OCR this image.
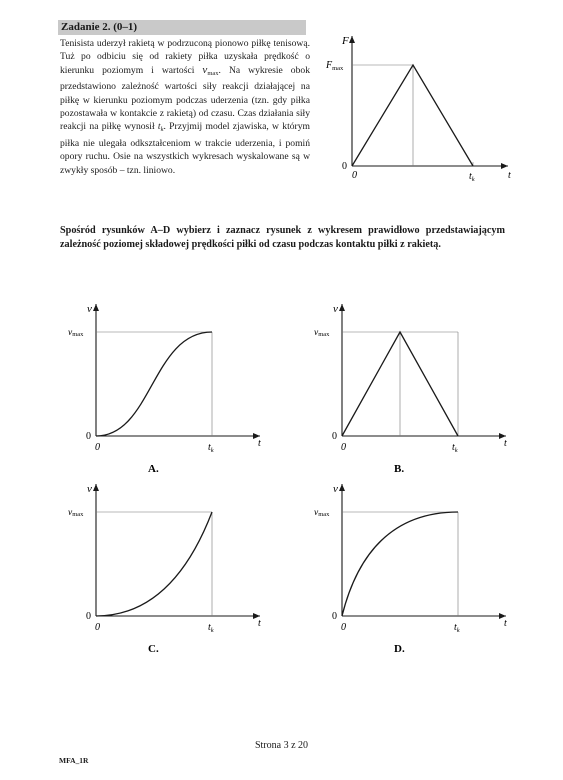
Zadanie 2. (0–1)

Tenisista uderzył rakietą w podrzuconą pionowo piłkę tenisową. Tuż po odbiciu się od rakiety piłka uzyskała prędkość o kierunku poziomym i wartości $v_{max}$. Na wykresie obok przedstawiono zależność wartości siły reakcji działającej na piłkę w kierunku poziomym podczas uderzenia (tzn. gdy piłka pozostawała w kontakcie z rakietą) od czasu. Czas działania siły reakcji na piłkę wynosił $t_k$. Przyjmij model zjawiska, w którym piłka nie ulegała odkształceniom w trakcie uderzenia, i pomiń opory ruchu. Osie na wszystkich wykresach wyskalowane są w zwykły sposób – tzn. liniowo.

F
$F_{max}$
0
0	$t_k$	t
Spośród rysunków A–D wybierz i zaznacz rysunek z wykresem prawidłowo przedstawiającym zależność poziomej składowej prędkości piłki od czasu podczas kontaktu piłki z rakietą.
v
vmax
0
0	$t_k$
t
A.
v
vmax
0
0	$t_k$
t
B.
v
vmax
0
0	$t_k$
t
C.
v
vmax
0
0	$t_k$
t
D.
Strona 3 z 20
MFA_1R
